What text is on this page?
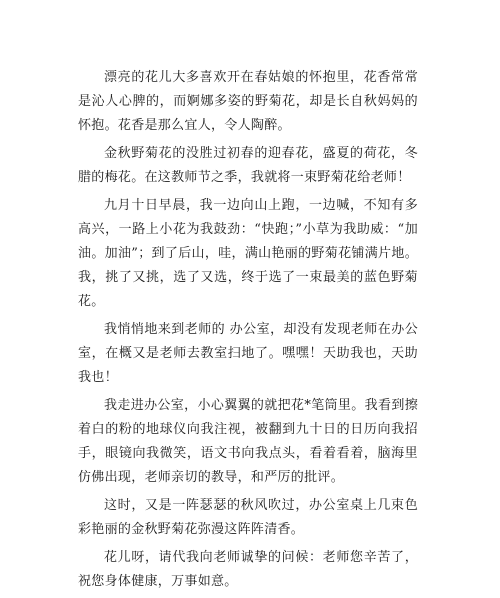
漂亮的花儿大多喜欢开在春姑娘的怀抱里，花香常常是沁人心脾的，而婀娜多姿的野菊花，却是长自秋妈妈的怀抱。花香是那么宜人，令人陶醉。

金秋野菊花的没胜过初春的迎春花，盛夏的荷花，冬腊的梅花。在这教师节之季，我就将一束野菊花给老师！

九月十日早晨，我一边向山上跑，一边喊，不知有多高兴，一路上小花为我鼓劲：“快跑；”小草为我助威：“加油。加油”；到了后山，哇，满山艳丽的野菊花铺满片地。我，挑了又挑，选了又选，终于选了一束最美的蓝色野菊花。

我悄悄地来到老师的 办公室，却没有发现老师在办公室，在概又是老师去教室扫地了。嘿嘿！天助我也，天助我也！

我走进办公室，小心翼翼的就把花*笔筒里。我看到擦着白的粉的地球仪向我注视，被翻到九十日的日历向我招手，眼镜向我微笑，语文书向我点头，看着看着，脑海里仿佛出现，老师亲切的教导，和严厉的批评。

这时，又是一阵瑟瑟的秋风吹过，办公室桌上几束色彩艳丽的金秋野菊花弥漫这阵阵清香。

花儿呀，请代我向老师诚挚的问候：老师您辛苦了，祝您身体健康，万事如意。
